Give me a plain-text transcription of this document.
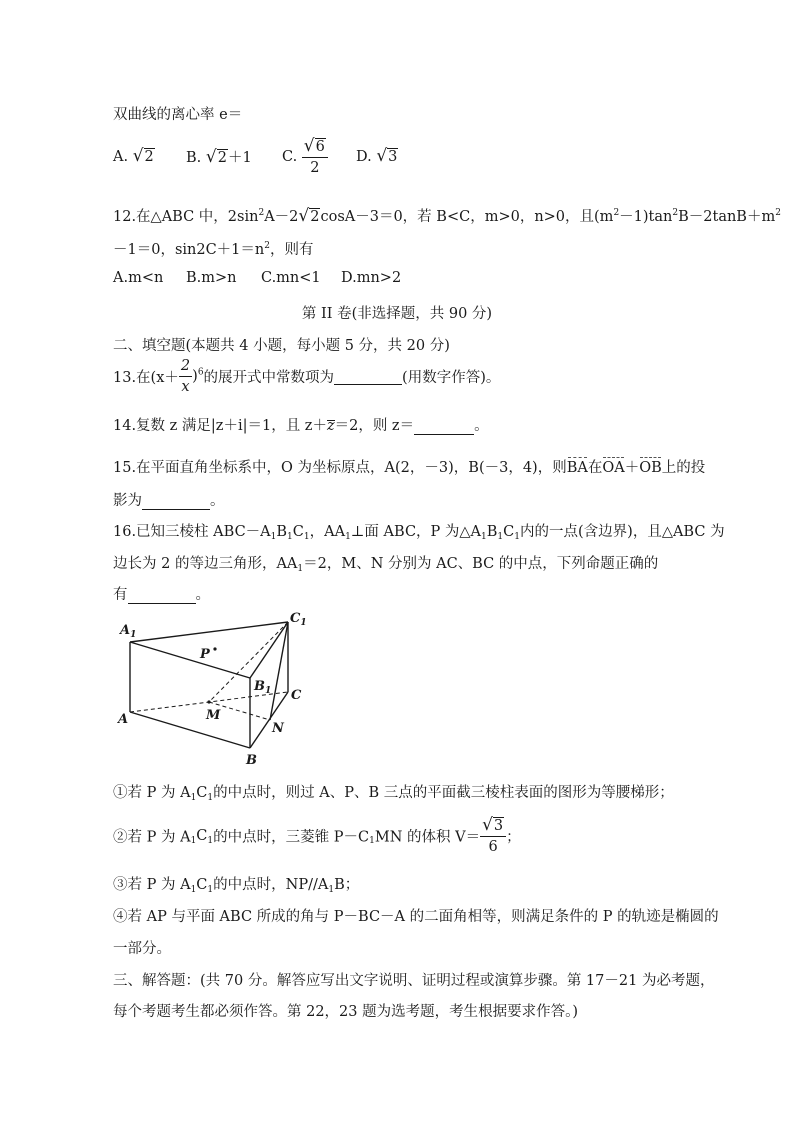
双曲线的离心率 e＝
A. √2 B. √2＋1 C. $\frac{√6}{2} D$. √3
12.在△ABC 中，$2\sin^2A-2√2\cos A-3=0$，若 B<C，m>0，n>0，且$(m^2-1)\tan^2B-2\tan B+m^2$
－1＝0，$\sin 2C+1=n^2$，则有
A.m<n B.m>n C.mn<1 D.mn>2
第 II 卷(非选择题，共 90 分)
二、填空题(本题共 4 小题，每小题 5 分，共 20 分)
13.在$(x+ \frac{2}{x} )^6$的展开式中常数项为	(用数字作答)。
14.复数 z 满足|z＋i|＝1，且 z＋z＝2，则 z＝	。
15.在平面直角坐标系中，O 为坐标原点，A(2，－3)，B(－3，4)，则BA在OA＋OB上的投
影为	。
16.已知三棱柱 $ABC-A_1B_1C_1$，$AA_1\perp$面 ABC，P 为$\triangle A_1B_1C_1$内的一点(含边界)，且△ABC 为
边长为 2 的等边三角形，$AA_1=2$，M、N 分别为 AC、BC 的中点，下列命题正确的
有	。
$A_1$
$C_1$
P
$B_1$ C
M
A
N
B
①若 P 为 $A_1C_1$的中点时，则过 A、P、B 三点的平面截三棱柱表面的图形为等腰梯形；
②若 P 为 $A_1C_1$的中点时，三菱锥 $P-C_1MN$ 的体积 $V= \frac{√3}{6}$ ；
③若 P 为 $A_1C_1$的中点时，$NP//A_1B$；
④若 AP 与平面 ABC 所成的角与 P－BC－A 的二面角相等，则满足条件的 P 的轨迹是椭圆的
一部分。
三、解答题：(共 70 分。解答应写出文字说明、证明过程或演算步骤。第 17－21 为必考题，
每个考题考生都必须作答。第 22，23 题为选考题，考生根据要求作答。)
